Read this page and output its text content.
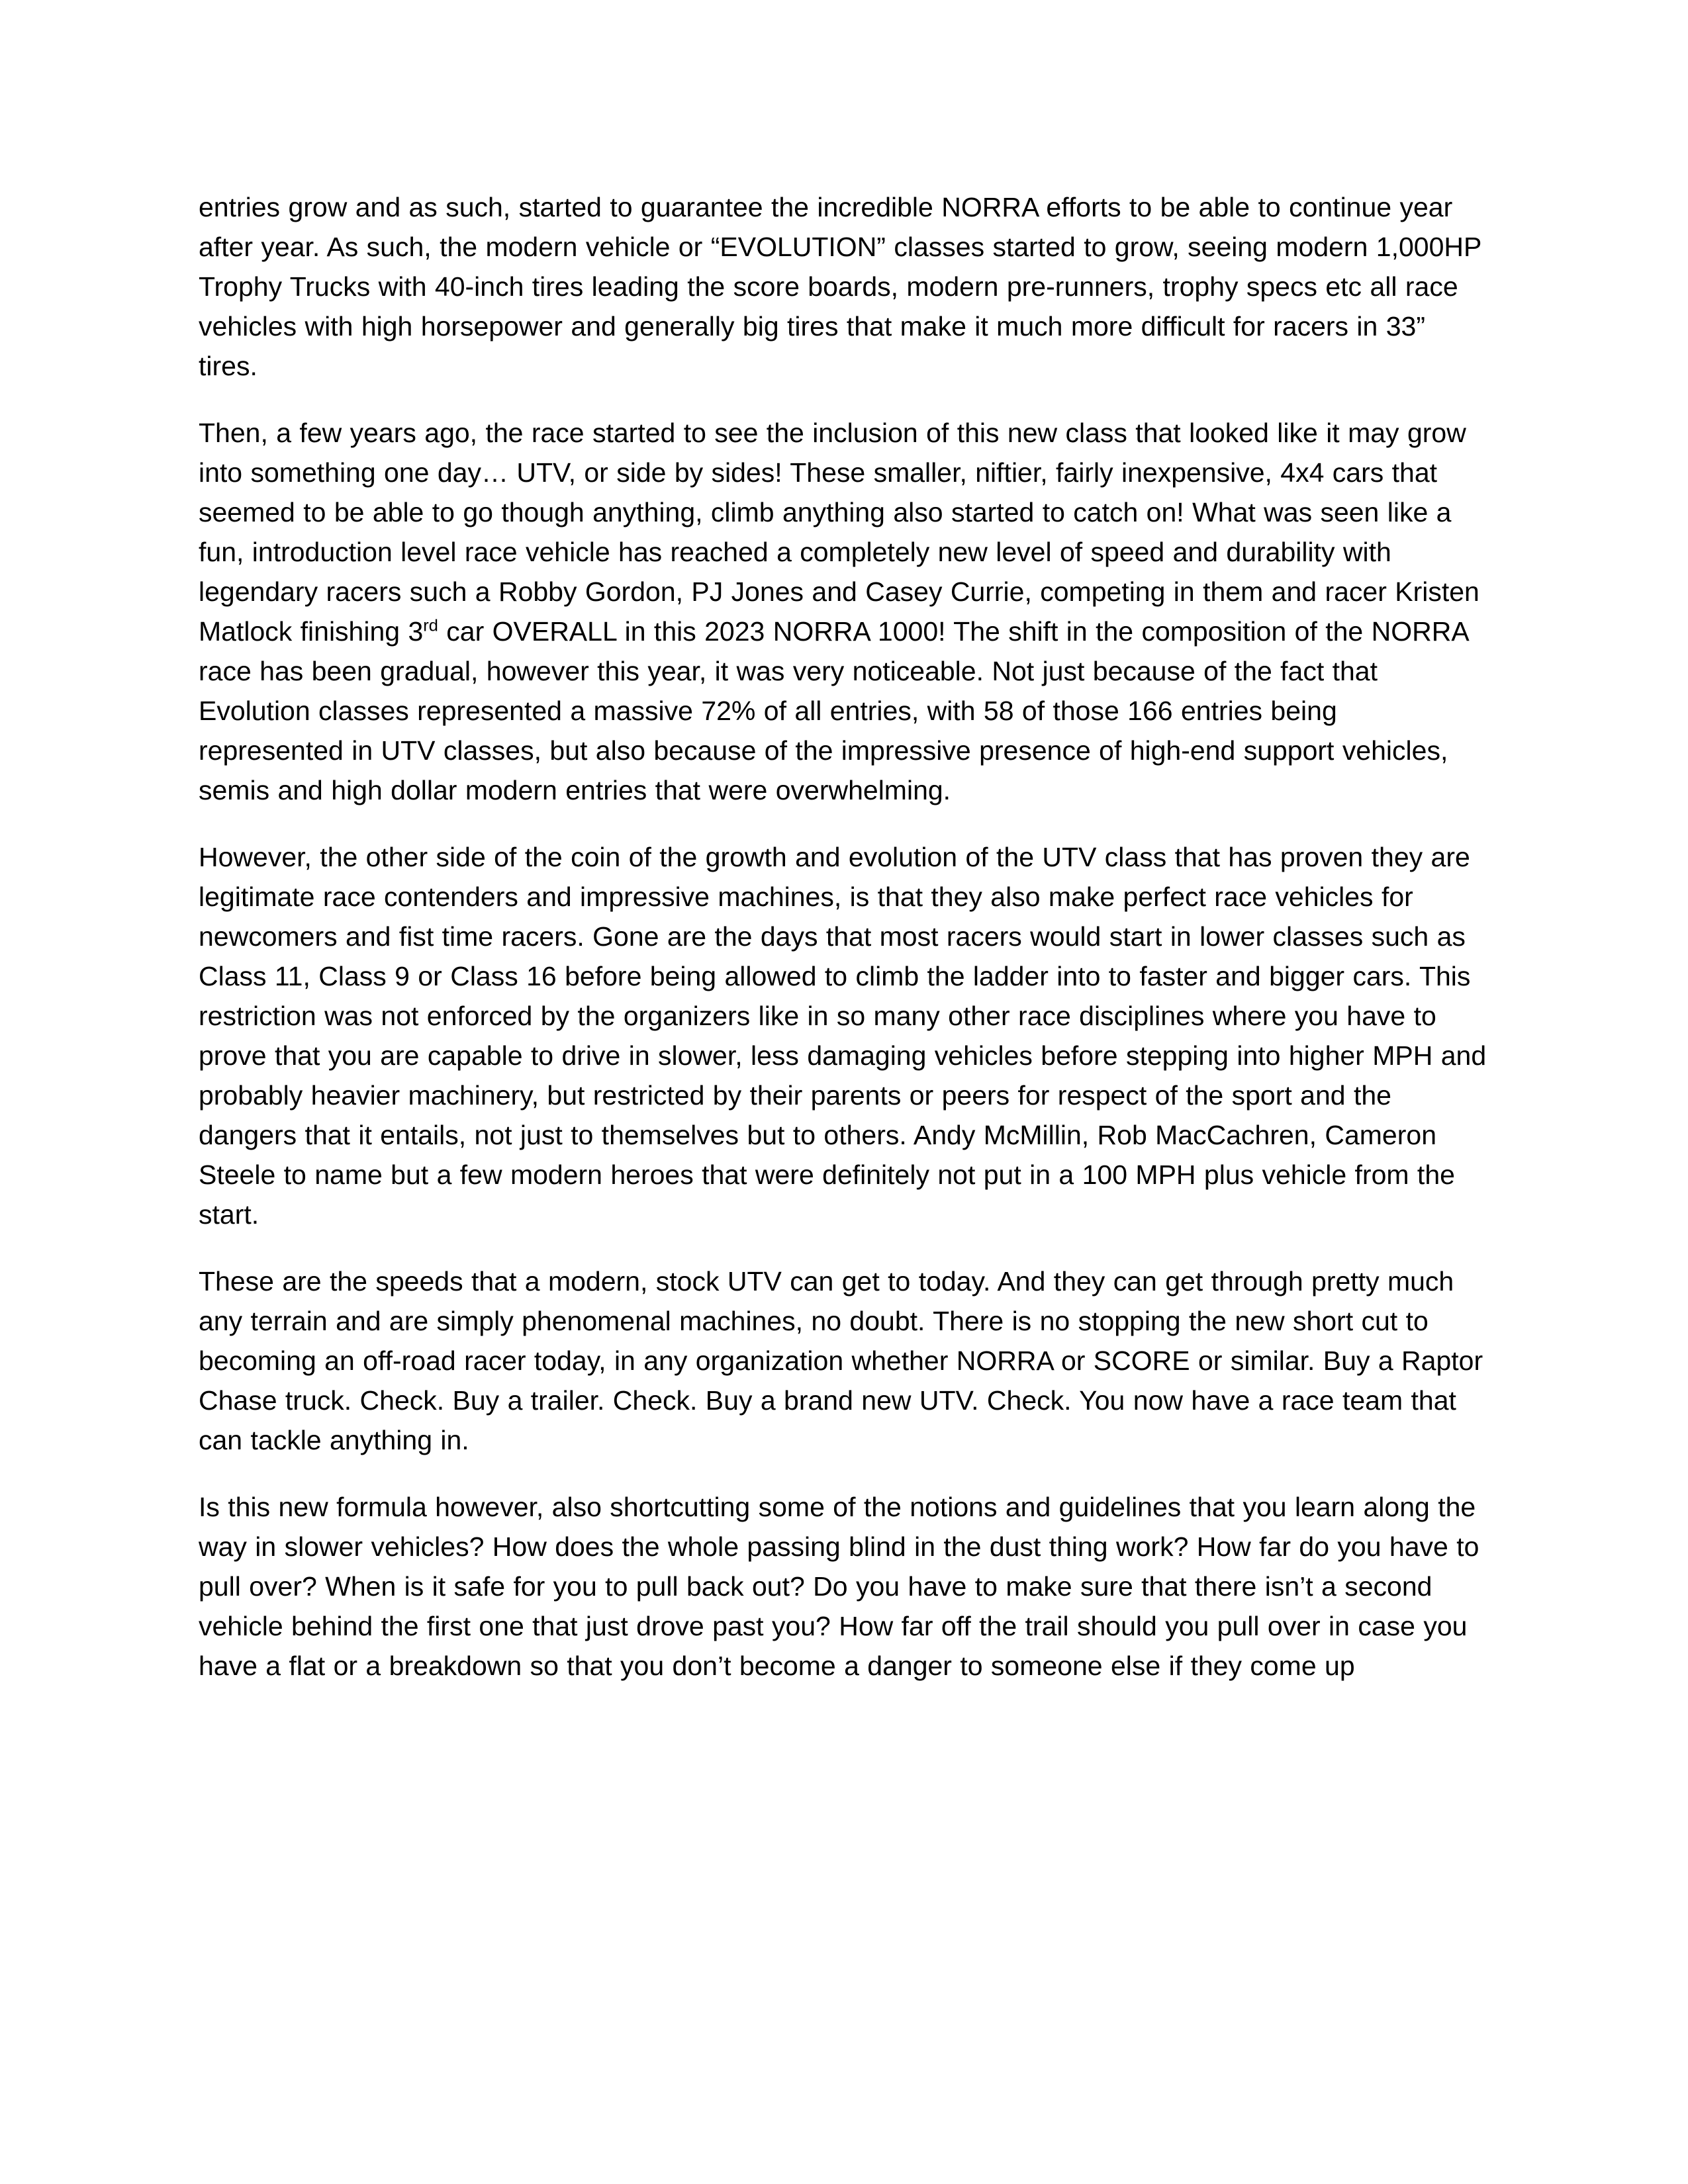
entries grow and as such, started to guarantee the incredible NORRA efforts to be able to continue year after year. As such, the modern vehicle or “EVOLUTION” classes started to grow, seeing modern 1,000HP Trophy Trucks with 40-inch tires leading the score boards, modern pre-runners, trophy specs etc all race vehicles with high horsepower and generally big tires that make it much more difficult for racers in 33” tires.

Then, a few years ago, the race started to see the inclusion of this new class that looked like it may grow into something one day… UTV, or side by sides! These smaller, niftier, fairly inexpensive, 4x4 cars that seemed to be able to go though anything, climb anything also started to catch on! What was seen like a fun, introduction level race vehicle has reached a completely new level of speed and durability with legendary racers such a Robby Gordon, PJ Jones and Casey Currie, competing in them and racer Kristen Matlock finishing 3rd car OVERALL in this 2023 NORRA 1000! The shift in the composition of the NORRA race has been gradual, however this year, it was very noticeable. Not just because of the fact that Evolution classes represented a massive 72% of all entries, with 58 of those 166 entries being represented in UTV classes, but also because of the impressive presence of high-end support vehicles, semis and high dollar modern entries that were overwhelming.

However, the other side of the coin of the growth and evolution of the UTV class that has proven they are legitimate race contenders and impressive machines, is that they also make perfect race vehicles for newcomers and fist time racers. Gone are the days that most racers would start in lower classes such as Class 11, Class 9 or Class 16 before being allowed to climb the ladder into to faster and bigger cars. This restriction was not enforced by the organizers like in so many other race disciplines where you have to prove that you are capable to drive in slower, less damaging vehicles before stepping into higher MPH and probably heavier machinery, but restricted by their parents or peers for respect of the sport and the dangers that it entails, not just to themselves but to others. Andy McMillin, Rob MacCachren, Cameron Steele to name but a few modern heroes that were definitely not put in a 100 MPH plus vehicle from the start.

These are the speeds that a modern, stock UTV can get to today. And they can get through pretty much any terrain and are simply phenomenal machines, no doubt. There is no stopping the new short cut to becoming an off-road racer today, in any organization whether NORRA or SCORE or similar. Buy a Raptor Chase truck. Check. Buy a trailer. Check. Buy a brand new UTV. Check. You now have a race team that can tackle anything in.

Is this new formula however, also shortcutting some of the notions and guidelines that you learn along the way in slower vehicles? How does the whole passing blind in the dust thing work? How far do you have to pull over? When is it safe for you to pull back out? Do you have to make sure that there isn’t a second vehicle behind the first one that just drove past you? How far off the trail should you pull over in case you have a flat or a breakdown so that you don’t become a danger to someone else if they come up
